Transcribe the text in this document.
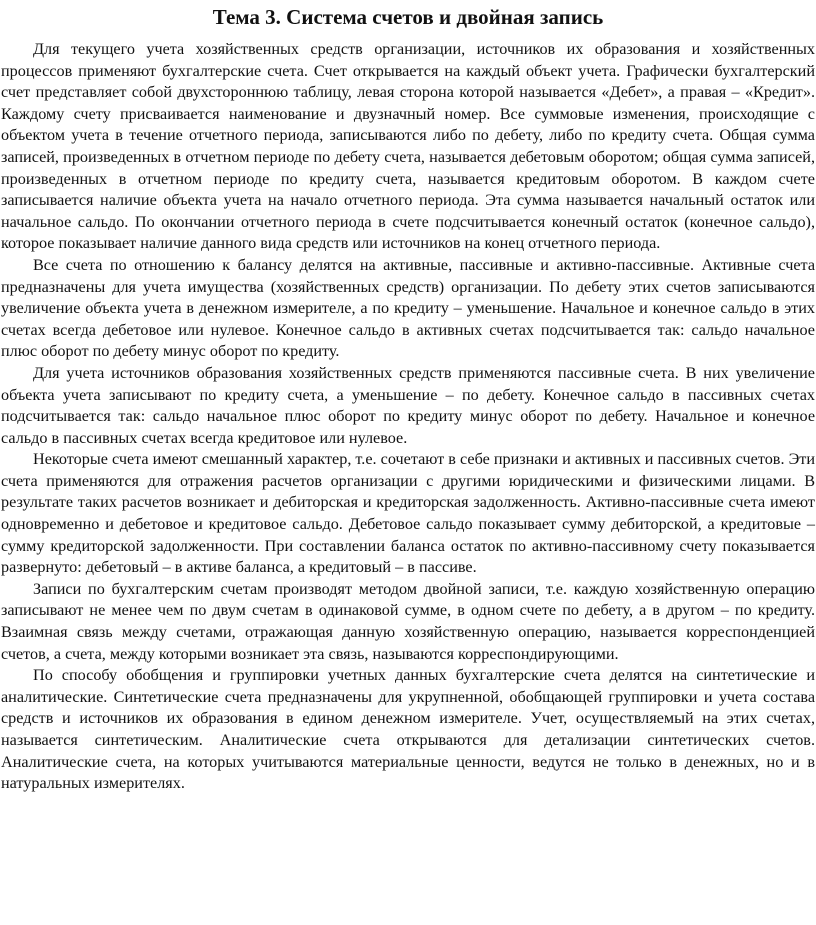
Тема 3. Система счетов и двойная запись

Для текущего учета хозяйственных средств организации, источников их образования и хозяйственных процессов применяют бухгалтерские счета. Счет открывается на каждый объект учета. Графически бухгалтерский счет представляет собой двухстороннюю таблицу, левая сторона которой называется «Дебет», а правая – «Кредит». Каждому счету присваивается наименование и двузначный номер. Все суммовые изменения, происходящие с объектом учета в течение отчетного периода, записываются либо по дебету, либо по кредиту счета. Общая сумма записей, произведенных в отчетном периоде по дебету счета, называется дебетовым оборотом; общая сумма записей, произведенных в отчетном периоде по кредиту счета, называется кредитовым оборотом. В каждом счете записывается наличие объекта учета на начало отчетного периода. Эта сумма называется начальный остаток или начальное сальдо. По окончании отчетного периода в счете подсчитывается конечный остаток (конечное сальдо), которое показывает наличие данного вида средств или источников на конец отчетного периода.

Все счета по отношению к балансу делятся на активные, пассивные и активно-пассивные. Активные счета предназначены для учета имущества (хозяйственных средств) организации. По дебету этих счетов записываются увеличение объекта учета в денежном измерителе, а по кредиту – уменьшение. Начальное и конечное сальдо в этих счетах всегда дебетовое или нулевое. Конечное сальдо в активных счетах подсчитывается так: сальдо начальное плюс оборот по дебету минус оборот по кредиту.

Для учета источников образования хозяйственных средств применяются пассивные счета. В них увеличение объекта учета записывают по кредиту счета, а уменьшение – по дебету. Конечное сальдо в пассивных счетах подсчитывается так: сальдо начальное плюс оборот по кредиту минус оборот по дебету. Начальное и конечное сальдо в пассивных счетах всегда кредитовое или нулевое.

Некоторые счета имеют смешанный характер, т.е. сочетают в себе признаки и активных и пассивных счетов. Эти счета применяются для отражения расчетов организации с другими юридическими и физическими лицами. В результате таких расчетов возникает и дебиторская и кредиторская задолженность. Активно-пассивные счета имеют одновременно и дебетовое и кредитовое сальдо. Дебетовое сальдо показывает сумму дебиторской, а кредитовые – сумму кредиторской задолженности. При составлении баланса остаток по активно-пассивному счету показывается развернуто: дебетовый – в активе баланса, а кредитовый – в пассиве.

Записи по бухгалтерским счетам производят методом двойной записи, т.е. каждую хозяйственную операцию записывают не менее чем по двум счетам в одинаковой сумме, в одном счете по дебету, а в другом – по кредиту. Взаимная связь между счетами, отражающая данную хозяйственную операцию, называется корреспонденцией счетов, а счета, между которыми возникает эта связь, называются корреспондирующими.

По способу обобщения и группировки учетных данных бухгалтерские счета делятся на синтетические и аналитические. Синтетические счета предназначены для укрупненной, обобщающей группировки и учета состава средств и источников их образования в едином денежном измерителе. Учет, осуществляемый на этих счетах, называется синтетическим. Аналитические счета открываются для детализации синтетических счетов. Аналитические счета, на которых учитываются материальные ценности, ведутся не только в денежных, но и в натуральных измерителях.
